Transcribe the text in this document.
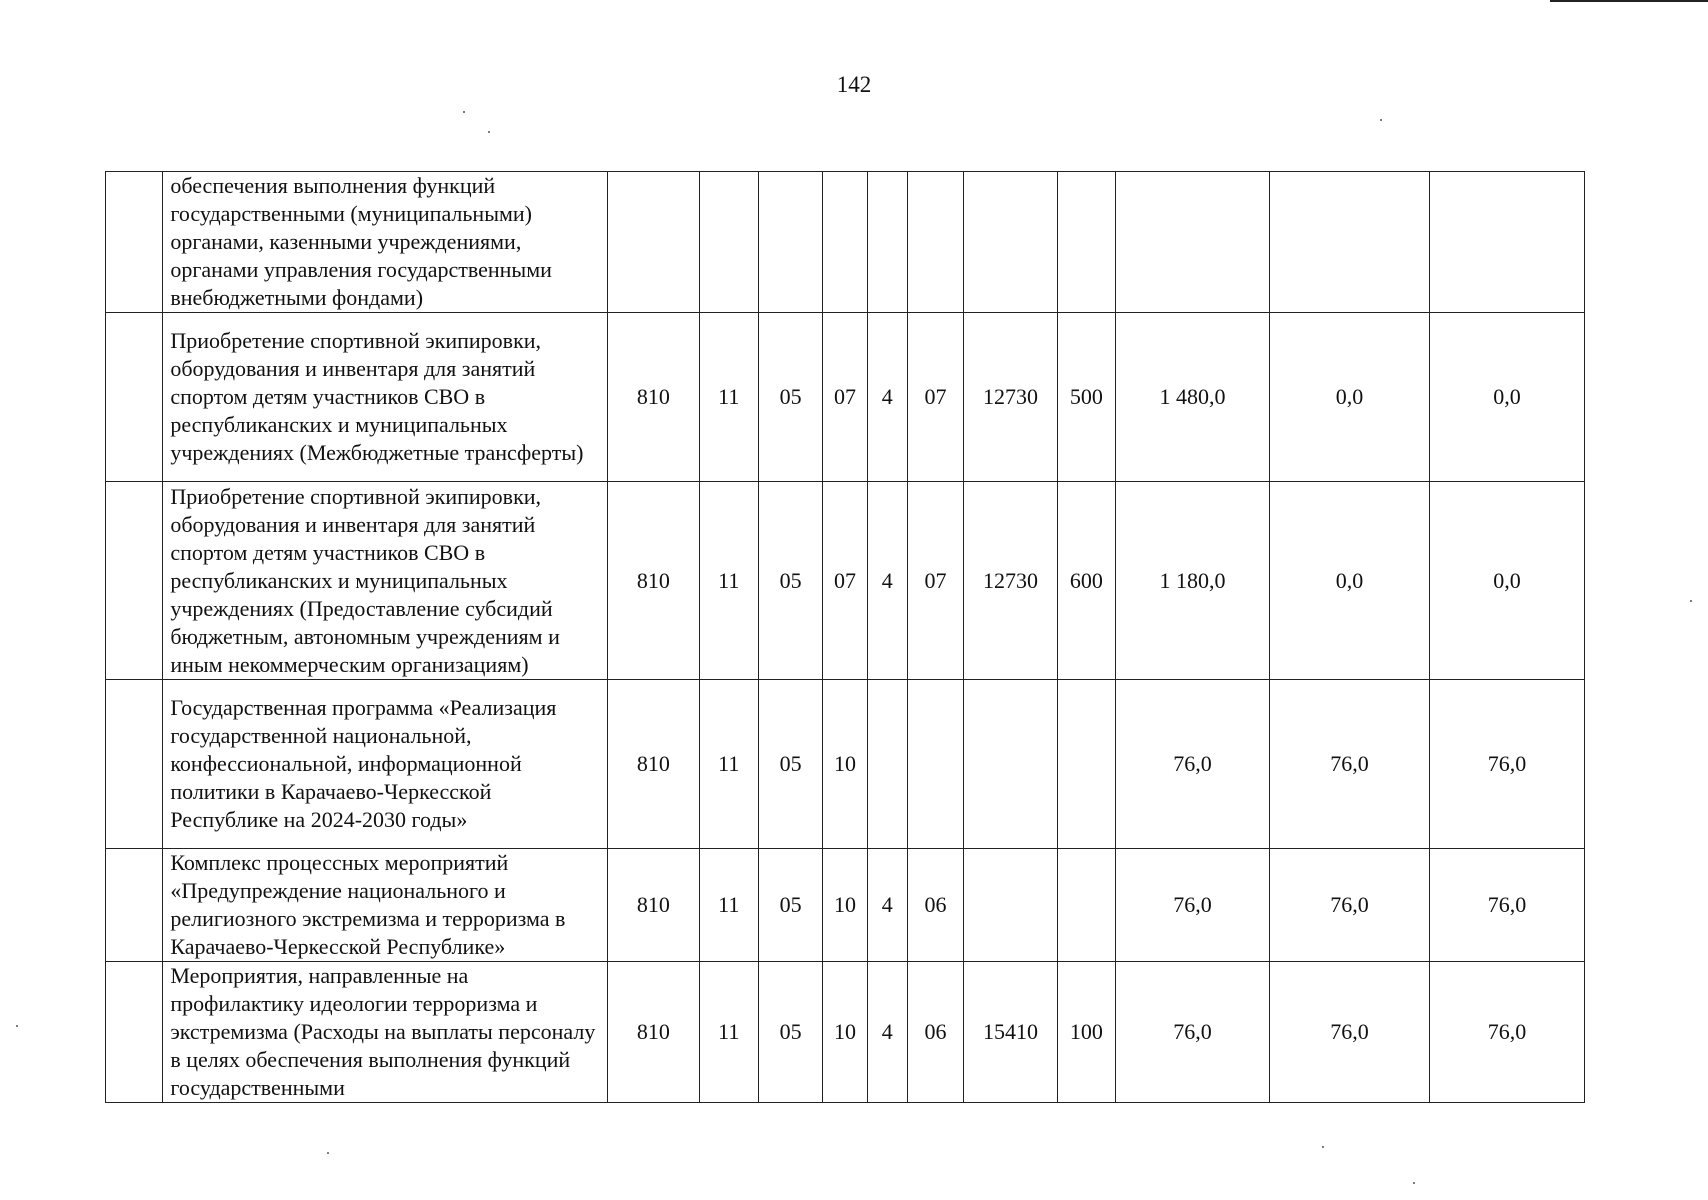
142
	обеспечения выполнения функций государственными (муниципальными) органами, казенными учреждениями, органами управления государственными внебюджетными фондами)											
	Приобретение спортивной экипировки, оборудования и инвентаря для занятий спортом детям участников СВО в республиканских и муниципальных учреждениях (Межбюджетные трансферты)	810	11	05	07	4	07	12730	500	1 480,0	0,0	0,0
	Приобретение спортивной экипировки, оборудования и инвентаря для занятий спортом детям участников СВО в республиканских и муниципальных учреждениях (Предоставление субсидий бюджетным, автономным учреждениям и иным некоммерческим организациям)	810	11	05	07	4	07	12730	600	1 180,0	0,0	0,0
	Государственная программа «Реализация государственной национальной, конфессиональной, информационной политики в Карачаево-Черкесской Республике на 2024-2030 годы»	810	11	05	10					76,0	76,0	76,0
	Комплекс процессных мероприятий «Предупреждение национального и религиозного экстремизма и терроризма в Карачаево-Черкесской Республике»	810	11	05	10	4	06			76,0	76,0	76,0
	Мероприятия, направленные на профилактику идеологии терроризма и экстремизма (Расходы на выплаты персоналу в целях обеспечения выполнения функций государственными	810	11	05	10	4	06	15410	100	76,0	76,0	76,0
